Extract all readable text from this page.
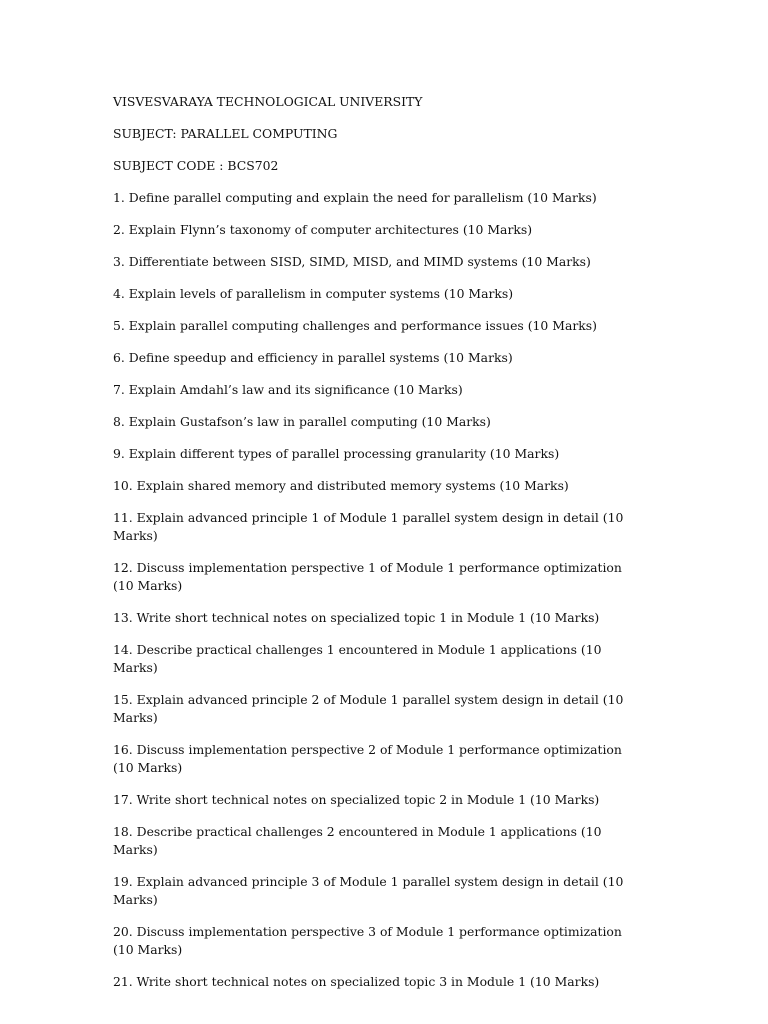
VISVESVARAYA TECHNOLOGICAL UNIVERSITY

SUBJECT: PARALLEL COMPUTING

SUBJECT CODE : BCS702

1. Define parallel computing and explain the need for parallelism (10 Marks)

2. Explain Flynn’s taxonomy of computer architectures (10 Marks)

3. Differentiate between SISD, SIMD, MISD, and MIMD systems (10 Marks)

4. Explain levels of parallelism in computer systems (10 Marks)

5. Explain parallel computing challenges and performance issues (10 Marks)

6. Define speedup and efficiency in parallel systems (10 Marks)

7. Explain Amdahl’s law and its significance (10 Marks)

8. Explain Gustafson’s law in parallel computing (10 Marks)

9. Explain different types of parallel processing granularity (10 Marks)

10. Explain shared memory and distributed memory systems (10 Marks)

11. Explain advanced principle 1 of Module 1 parallel system design in detail (10 Marks)

12. Discuss implementation perspective 1 of Module 1 performance optimization (10 Marks)

13. Write short technical notes on specialized topic 1 in Module 1 (10 Marks)

14. Describe practical challenges 1 encountered in Module 1 applications (10 Marks)

15. Explain advanced principle 2 of Module 1 parallel system design in detail (10 Marks)

16. Discuss implementation perspective 2 of Module 1 performance optimization (10 Marks)

17. Write short technical notes on specialized topic 2 in Module 1 (10 Marks)

18. Describe practical challenges 2 encountered in Module 1 applications (10 Marks)

19. Explain advanced principle 3 of Module 1 parallel system design in detail (10 Marks)

20. Discuss implementation perspective 3 of Module 1 performance optimization (10 Marks)

21. Write short technical notes on specialized topic 3 in Module 1 (10 Marks)
